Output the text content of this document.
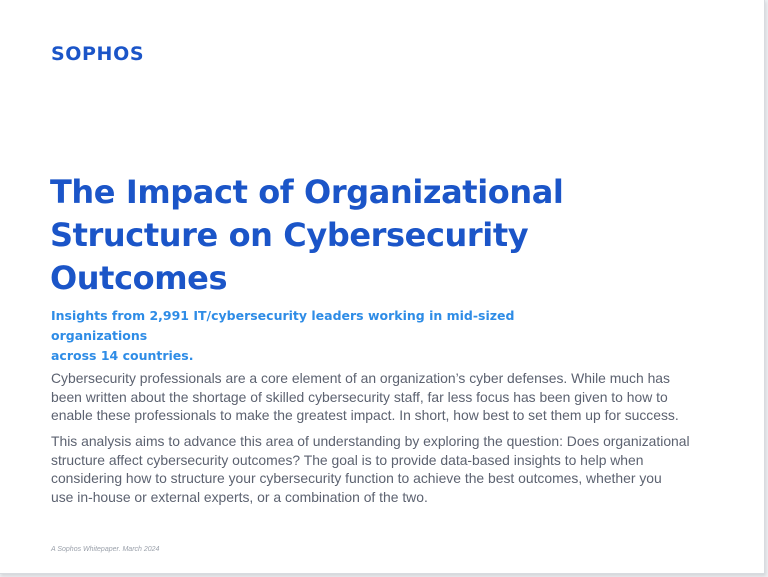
SOPHOS
The Impact of Organizational
Structure on Cybersecurity
Outcomes

Insights from 2,991 IT/cybersecurity leaders working in mid-sized organizations
across 14 countries.

Cybersecurity professionals are a core element of an organization’s cyber defenses. While much has
been written about the shortage of skilled cybersecurity staff, far less focus has been given to how to
enable these professionals to make the greatest impact. In short, how best to set them up for success.

This analysis aims to advance this area of understanding by exploring the question: Does organizational
structure affect cybersecurity outcomes? The goal is to provide data-based insights to help when
considering how to structure your cybersecurity function to achieve the best outcomes, whether you
use in-house or external experts, or a combination of the two.

A Sophos Whitepaper. March 2024
